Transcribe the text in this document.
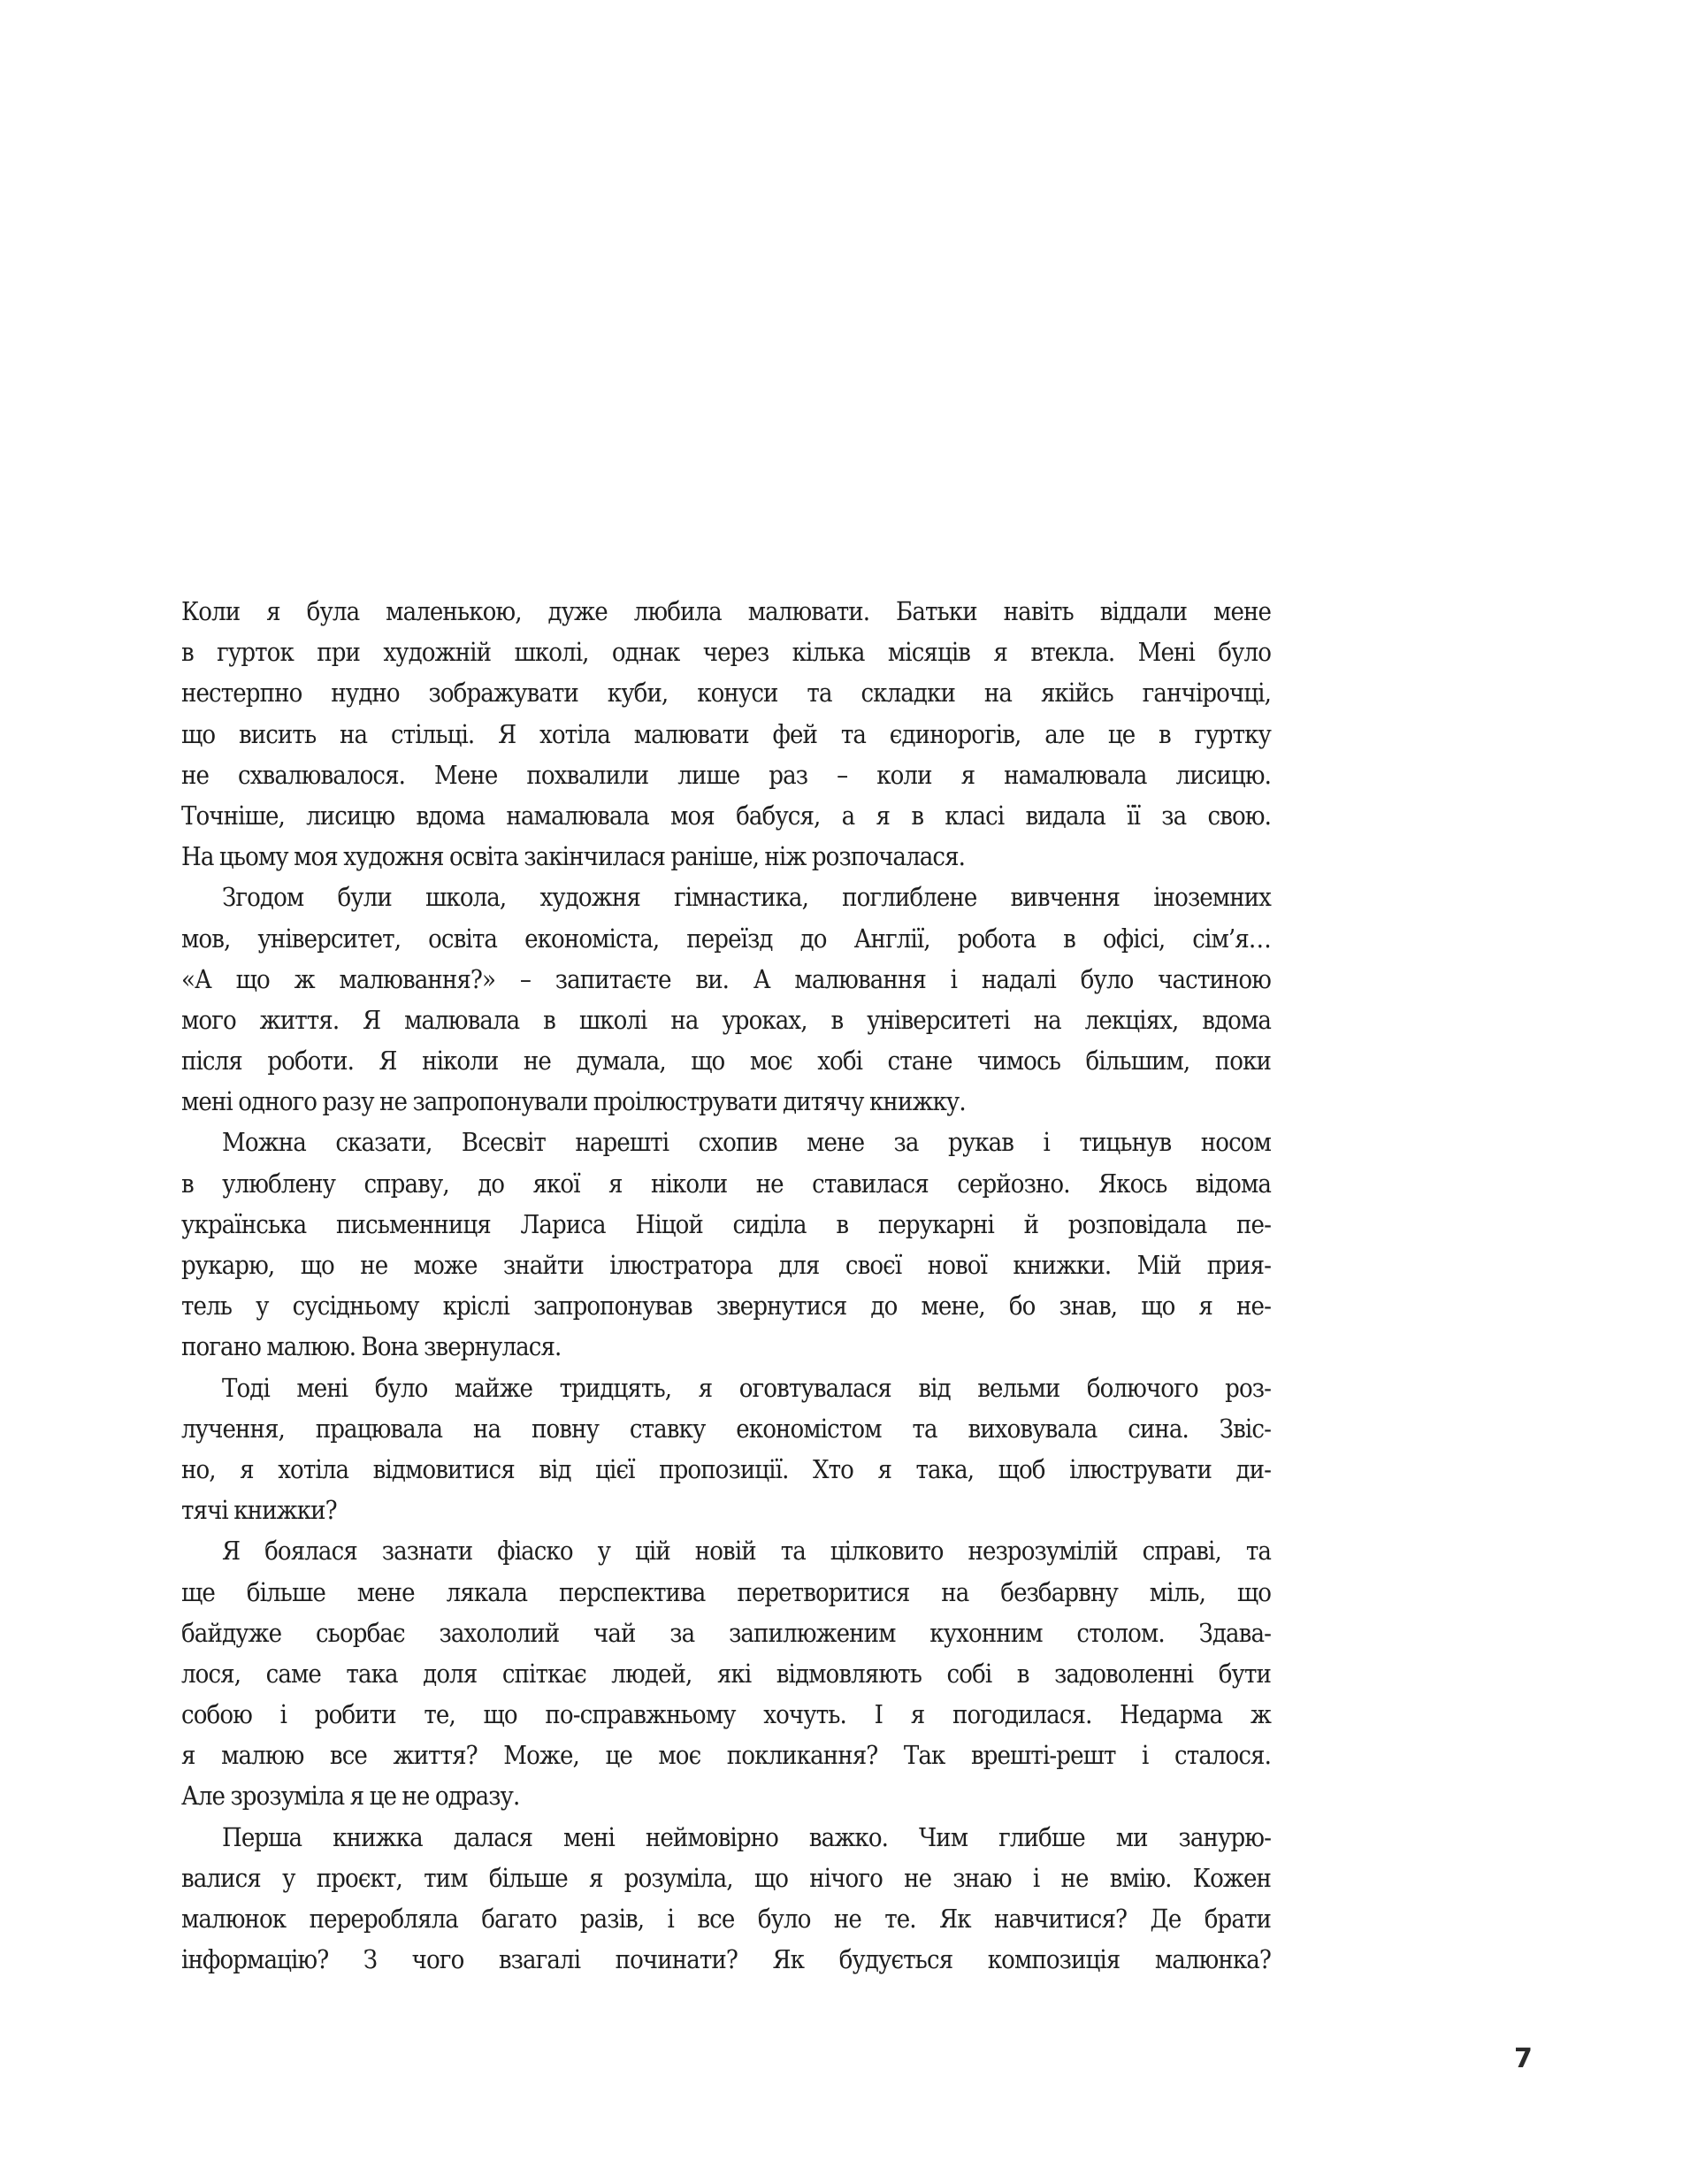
Коли я була маленькою, дуже любила малювати. Батьки навіть віддали мене
в гурток при художній школі, однак через кілька місяців я втекла. Мені було
нестерпно нудно зображувати куби, конуси та складки на якійсь ганчірочці,
що висить на стільці. Я хотіла малювати фей та єдинорогів, але це в гуртку
не схвалювалося. Мене похвалили лише раз – коли я намалювала лисицю.
Точніше, лисицю вдома намалювала моя бабуся, а я в класі видала її за свою.
На цьому моя художня освіта закінчилася раніше, ніж розпочалася.
Згодом були школа, художня гімнастика, поглиблене вивчення іноземних
мов, університет, освіта економіста, переїзд до Англії, робота в офісі, сім’я…
«А що ж малювання?» – запитаєте ви. А малювання і надалі було частиною
мого життя. Я малювала в школі на уроках, в університеті на лекціях, вдома
після роботи. Я ніколи не думала, що моє хобі стане чимось більшим, поки
мені одного разу не запропонували проілюструвати дитячу книжку.
Можна сказати, Всесвіт нарешті схопив мене за рукав і тицьнув носом
в улюблену справу, до якої я ніколи не ставилася серйозно. Якось відома
українська письменниця Лариса Ніцой сиділа в перукарні й розповідала пе-
рукарю, що не може знайти ілюстратора для своєї нової книжки. Мій прия-
тель у сусідньому кріслі запропонував звернутися до мене, бо знав, що я не-
погано малюю. Вона звернулася.
Тоді мені було майже тридцять, я оговтувалася від вельми болючого роз-
лучення, працювала на повну ставку економістом та виховувала сина. Звіс-
но, я хотіла відмовитися від цієї пропозиції. Хто я така, щоб ілюструвати ди-
тячі книжки?
Я боялася зазнати фіаско у цій новій та цілковито незрозумілій справі, та
ще більше мене лякала перспектива перетворитися на безбарвну міль, що
байдуже сьорбає захололий чай за запилюженим кухонним столом. Здава-
лося, саме така доля спіткає людей, які відмовляють собі в задоволенні бути
собою і робити те, що по-справжньому хочуть. І я погодилася. Недарма ж
я малюю все життя? Може, це моє покликання? Так врешті-решт і сталося.
Але зрозуміла я це не одразу.
Перша книжка далася мені неймовірно важко. Чим глибше ми занурю-
валися у проєкт, тим більше я розуміла, що нічого не знаю і не вмію. Кожен
малюнок переробляла багато разів, і все було не те. Як навчитися? Де брати
інформацію? З чого взагалі починати? Як будується композиція малюнка?
7
